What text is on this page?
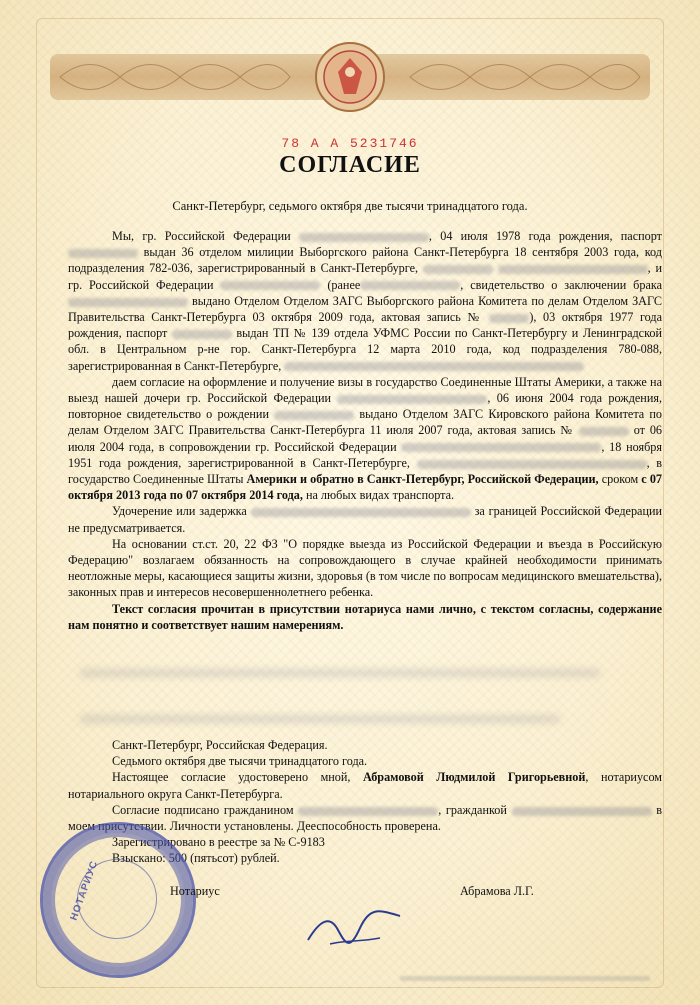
78 А А 5231746
СОГЛАСИЕ
Санкт-Петербург, седьмого октября две тысячи тринадцатого года.

Мы, гр. Российской Федерации	, 04 июля 1978 года рождения, паспорт  выдан 36 отделом милиции Выборгского района Санкт-Петербурга 18 сентября 2003 года, код подразделения 782-036, зарегистрированный в Санкт-Петербурге,	, и гр. Российской Федерации	(ранее	, свидетельство о заключении брака  выдано Отделом Отделом ЗАГС Выборгского района Комитета по делам Отделом ЗАГС Правительства Санкт-Петербурга 03 октября 2009 года, актовая запись №	), 03 октября 1977 года рождения, паспорт	выдан ТП № 139 отдела УФМС России по Санкт-Петербургу и Ленинградской обл. в Центральном р-не гор. Санкт-Петербурга 12 марта 2010 года, код подразделения 780-088, зарегистрированная в Санкт-Петербурге,

даем согласие на оформление и получение визы в государство Соединенные Штаты Америки, а также на выезд нашей дочери гр. Российской Федерации	, 06 июня 2004 года рождения, повторное свидетельство о рождении	выдано Отделом ЗАГС Кировского района Комитета по делам Отделом ЗАГС Правительства Санкт-Петербурга 11 июля 2007 года, актовая запись №	от 06 июля 2004 года, в сопровождении гр. Российской Федерации	, 18 ноября 1951 года рождения, зарегистрированной в Санкт-Петербурге,	, в государство Соединенные Штаты Америки и обратно в Санкт-Петербург, Российской Федерации, сроком с 07 октября 2013 года по 07 октября 2014 года, на любых видах транспорта.

Удочерение или задержка	за границей Российской Федерации не предусматривается.

На основании ст.ст. 20, 22 ФЗ "О порядке выезда из Российской Федерации и въезда в Российскую Федерацию" возлагаем обязанность на сопровождающего в случае крайней необходимости принимать неотложные меры, касающиеся защиты жизни, здоровья (в том числе по вопросам медицинского вмешательства), законных прав и интересов несовершеннолетнего ребенка.

Текст согласия прочитан в присутствии нотариуса нами лично, с текстом согласны, содержание нам понятно и соответствует нашим намерениям.

Санкт-Петербург, Российская Федерация.

Седьмого октября две тысячи тринадцатого года.

Настоящее согласие удостоверено мной, Абрамовой Людмилой Григорьевной, нотариусом нотариального округа Санкт-Петербурга.

Согласие подписано гражданином	, гражданкой	в моем присутствии. Личности установлены. Дееспособность проверена.

Зарегистрировано в реестре за № С-9183

Взыскано: 500 (пятьсот) рублей.

НОТАРИУС	Нотариус	Абрамова Л.Г.
